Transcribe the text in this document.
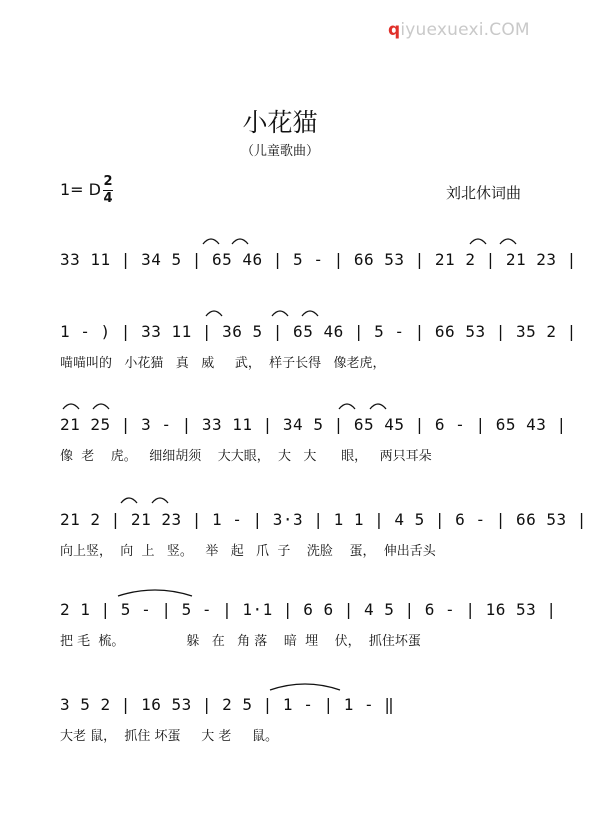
qiyuexuexi.COM
小花猫
（儿童歌曲）
1= D 2
4	刘北休词曲
33 11 | 34 5 | 65 46 | 5 - | 66 53 | 21 2 | 21 23 |
1 - ) | 33 11 | 36 5 | 65 46 | 5 - | 66 53 | 35 2 |
喵喵叫的   小花猫   真   威     武，  样子长得   像老虎，
21 25 | 3 - | 33 11 | 34 5 | 65 45 | 6 - | 65 43 |
像  老    虎。   细细胡须    大大眼，  大   大      眼，   两只耳朵
21 2 | 21 23 | 1 - | 3·3 | 1 1 | 4 5 | 6 - | 66 53 |
向上竖，  向  上   竖。   举   起   爪  子    洗脸    蛋，  伸出舌头
2 1 | 5 - | 5 - | 1·1 | 6 6 | 4 5 | 6 - | 16 53 |
把 毛  梳。               躲   在   角 落    暗  埋    伏，  抓住坏蛋
3 5 2 | 16 53 | 2 5 | 1 - | 1 - ‖
大老 鼠，  抓住 坏蛋     大 老     鼠。
